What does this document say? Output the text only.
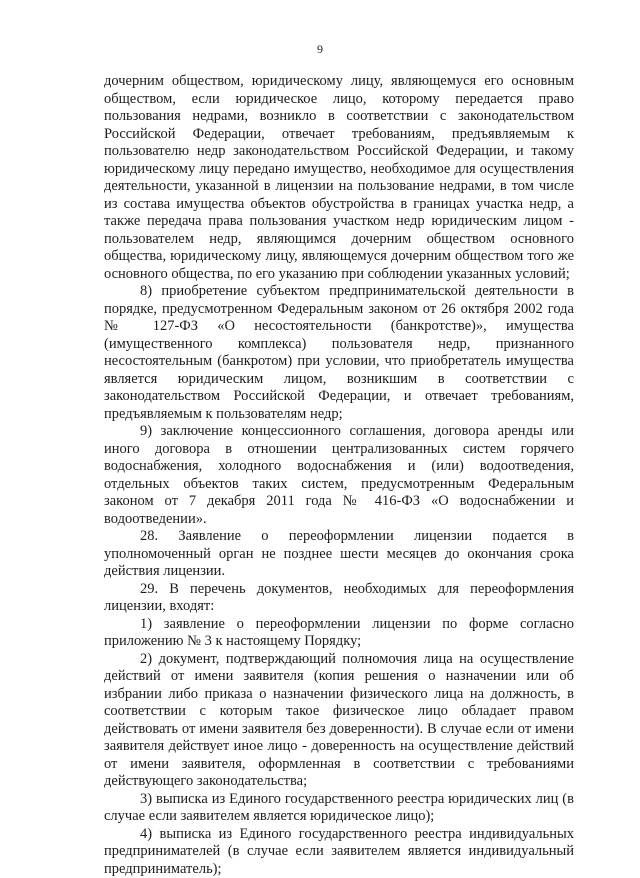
9

дочерним обществом, юридическому лицу, являющемуся его основным обществом, если юридическое лицо, которому передается право пользования недрами, возникло в соответствии с законодательством Российской Федерации, отвечает требованиям, предъявляемым к пользователю недр законодательством Российской Федерации, и такому юридическому лицу передано имущество, необходимое для осуществления деятельности, указанной в лицензии на пользование недрами, в том числе из состава имущества объектов обустройства в границах участка недр, а также передача права пользования участком недр юридическим лицом - пользователем недр, являющимся дочерним обществом основного общества, юридическому лицу, являющемуся дочерним обществом того же основного общества, по его указанию при соблюдении указанных условий;

8) приобретение субъектом предпринимательской деятельности в порядке, предусмотренном Федеральным законом от 26 октября 2002 года № 127-ФЗ «О несостоятельности (банкротстве)», имущества (имущественного комплекса) пользователя недр, признанного несостоятельным (банкротом) при условии, что приобретатель имущества является юридическим лицом, возникшим в соответствии с законодательством Российской Федерации, и отвечает требованиям, предъявляемым к пользователям недр;

9) заключение концессионного соглашения, договора аренды или иного договора в отношении централизованных систем горячего водоснабжения, холодного водоснабжения и (или) водоотведения, отдельных объектов таких систем, предусмотренным Федеральным законом от 7 декабря 2011 года № 416-ФЗ «О водоснабжении и водоотведении».

28. Заявление о переоформлении лицензии подается в уполномоченный орган не позднее шести месяцев до окончания срока действия лицензии.

29. В перечень документов, необходимых для переоформления лицензии, входят:

1) заявление о переоформлении лицензии по форме согласно приложению № 3 к настоящему Порядку;

2) документ, подтверждающий полномочия лица на осуществление действий от имени заявителя (копия решения о назначении или об избрании либо приказа о назначении физического лица на должность, в соответствии с которым такое физическое лицо обладает правом действовать от имени заявителя без доверенности). В случае если от имени заявителя действует иное лицо - доверенность на осуществление действий от имени заявителя, оформленная в соответствии с требованиями действующего законодательства;

3) выписка из Единого государственного реестра юридических лиц (в случае если заявителем является юридическое лицо);

4) выписка из Единого государственного реестра индивидуальных предпринимателей (в случае если заявителем является индивидуальный предприниматель);
